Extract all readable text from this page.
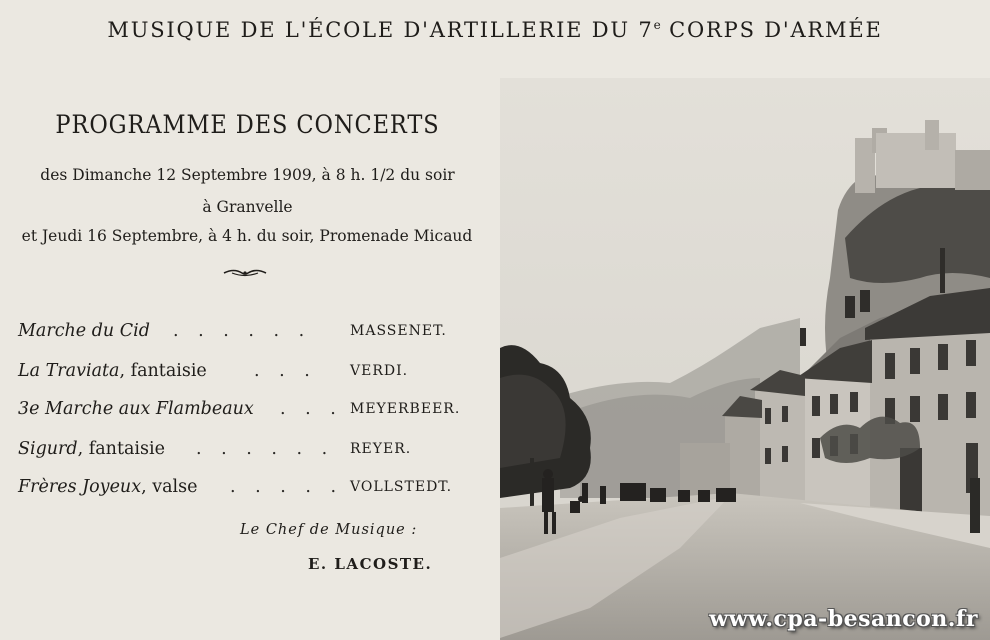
MUSIQUE DE L'ÉCOLE D'ARTILLERIE DU 7e CORPS D'ARMÉE
PROGRAMME DES CONCERTS
des Dimanche 12 Septembre 1909, à 8 h. 1/2 du soir
à Granvelle
et Jeudi 16 Septembre, à 4 h. du soir, Promenade Micaud
Marche du Cid . . . . . .	MASSENET.
La Traviata, fantaisie	. . . VERDI.
3e Marche aux Flambeaux . . . MEYERBEER.
Sigurd, fantaisie . . . . . . REYER.
Frères Joyeux, valse . . . . . VOLLSTEDT.
Le Chef de Musique :
E. LACOSTE.
www.cpa-besancon.fr
